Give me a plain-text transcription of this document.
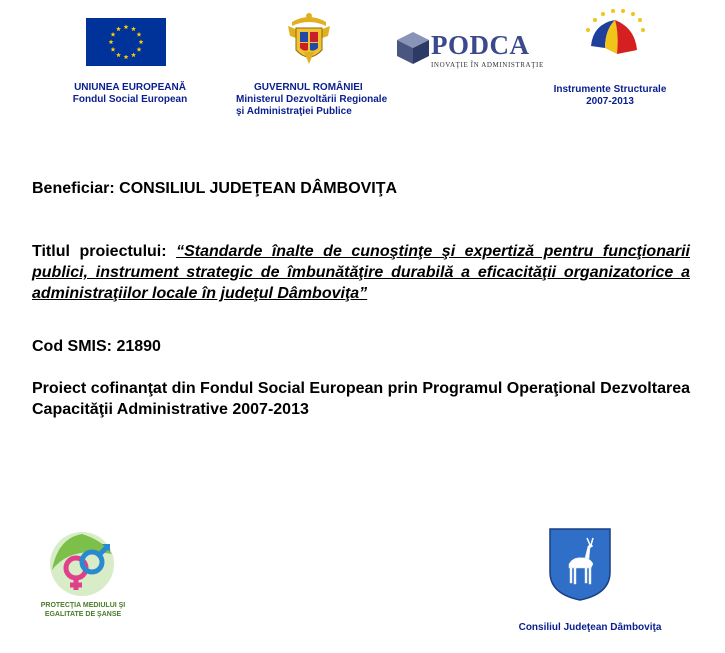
UNIUNEA EUROPEANĂ
Fondul Social European
GUVERNUL ROMÂNIEI
Ministerul Dezvoltării Regionale
şi Administraţiei Publice
PODCA
INOVAŢIE ÎN ADMINISTRAŢIE
Instrumente Structurale
2007-2013
Beneficiar: CONSILIUL JUDEŢEAN DÂMBOVIŢA
Titlul proiectului: “Standarde înalte de cunoştinţe şi expertiză pentru funcţionarii publici, instrument strategic de îmbunătăţire durabilă a eficacităţii organizatorice a administraţiilor locale în judeţul Dâmboviţa”
Cod SMIS: 21890
Proiect cofinanţat din Fondul Social European prin Programul Operaţional Dezvoltarea Capacităţii Administrative 2007-2013
PROTECŢIA MEDIULUI ŞI
EGALITATE DE ŞANSE
Consiliul Judeţean Dâmboviţa
